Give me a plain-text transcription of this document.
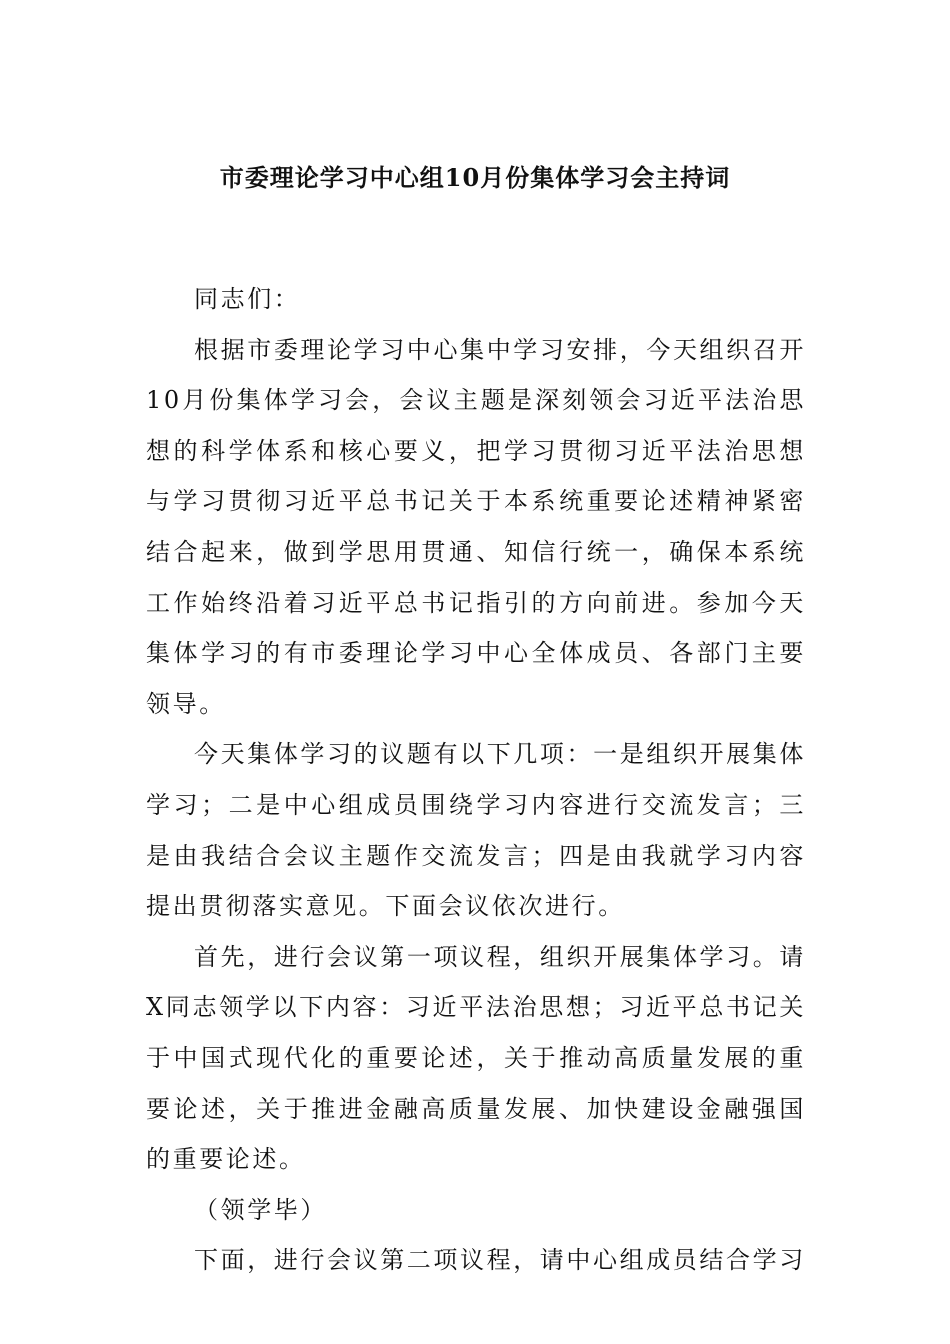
市委理论学习中心组10月份集体学习会主持词

同志们：

根据市委理论学习中心集中学习安排，今天组织召开10月份集体学习会，会议主题是深刻领会习近平法治思想的科学体系和核心要义，把学习贯彻习近平法治思想与学习贯彻习近平总书记关于本系统重要论述精神紧密结合起来，做到学思用贯通、知信行统一，确保本系统工作始终沿着习近平总书记指引的方向前进。参加今天集体学习的有市委理论学习中心全体成员、各部门主要领导。

今天集体学习的议题有以下几项：一是组织开展集体学习；二是中心组成员围绕学习内容进行交流发言；三是由我结合会议主题作交流发言；四是由我就学习内容提出贯彻落实意见。下面会议依次进行。

首先，进行会议第一项议程，组织开展集体学习。请X同志领学以下内容：习近平法治思想；习近平总书记关于中国式现代化的重要论述，关于推动高质量发展的重要论述，关于推进金融高质量发展、加快建设金融强国的重要论述。

（领学毕）

下面，进行会议第二项议程，请中心组成员结合学习
